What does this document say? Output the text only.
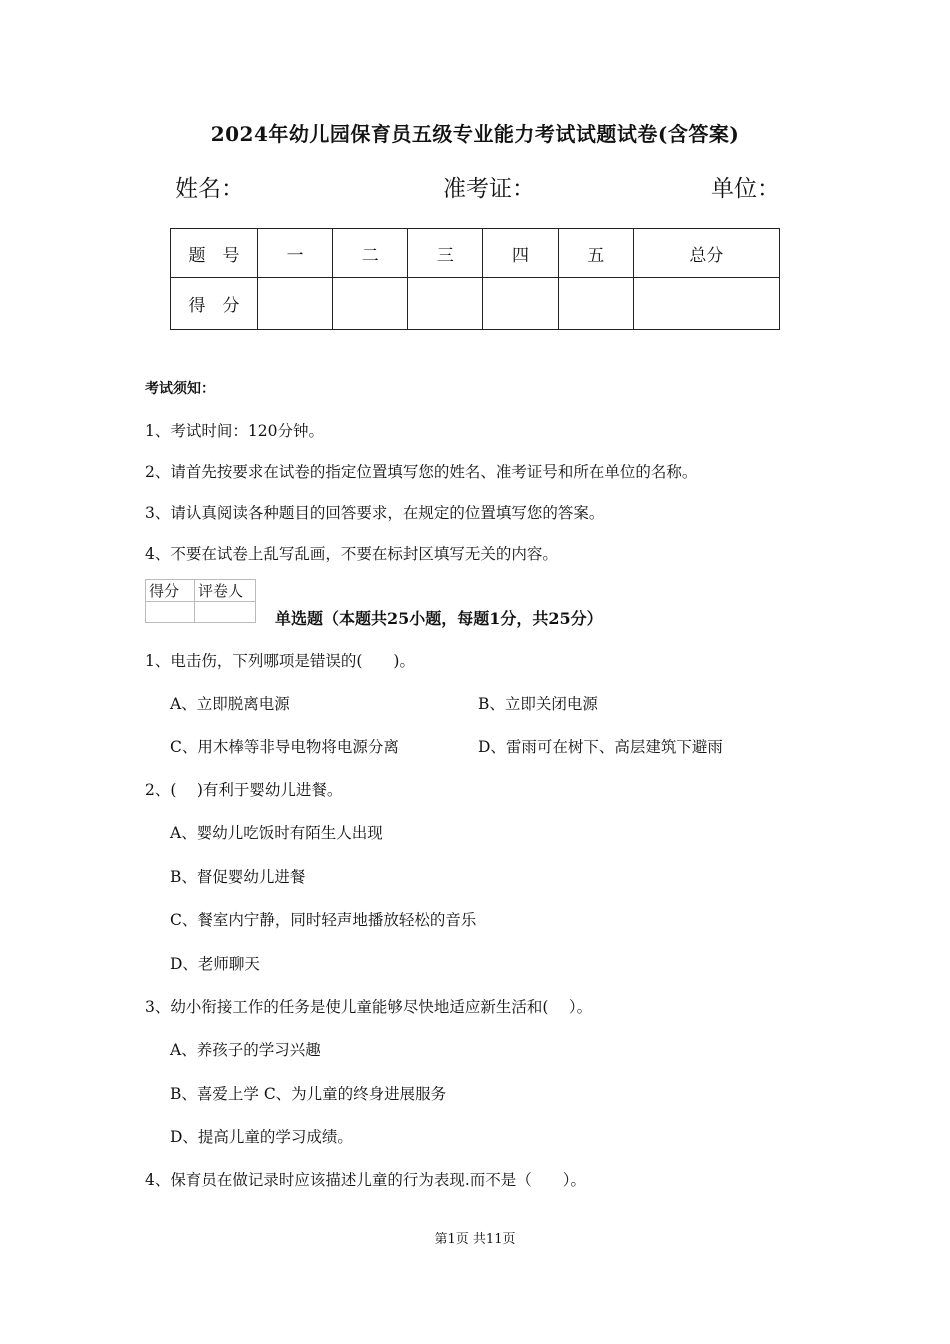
2024年幼儿园保育员五级专业能力考试试题试卷(含答案)
姓名：	准考证：	单位：
题　号	一	二	三	四	五	总分
得　分						
考试须知：
1、考试时间：120分钟。
2、请首先按要求在试卷的指定位置填写您的姓名、准考证号和所在单位的名称。
3、请认真阅读各种题目的回答要求，在规定的位置填写您的答案。
4、不要在试卷上乱写乱画，不要在标封区填写无关的内容。
得分	评卷人

单选题（本题共25小题，每题1分，共25分）
1、电击伤，下列哪项是错误的(　　)。
A、立即脱离电源	B、立即关闭电源
C、用木棒等非导电物将电源分离	D、雷雨可在树下、高层建筑下避雨
2、(　 )有利于婴幼儿进餐。
A、婴幼儿吃饭时有陌生人出现
B、督促婴幼儿进餐
C、餐室内宁静，同时轻声地播放轻松的音乐
D、老师聊天
3、幼小衔接工作的任务是使儿童能够尽快地适应新生活和(　 ）。
A、养孩子的学习兴趣
B、喜爱上学 C、为儿童的终身进展服务
D、提高儿童的学习成绩。
4、保育员在做记录时应该描述儿童的行为表现.而不是（　　）。
第1页 共11页
